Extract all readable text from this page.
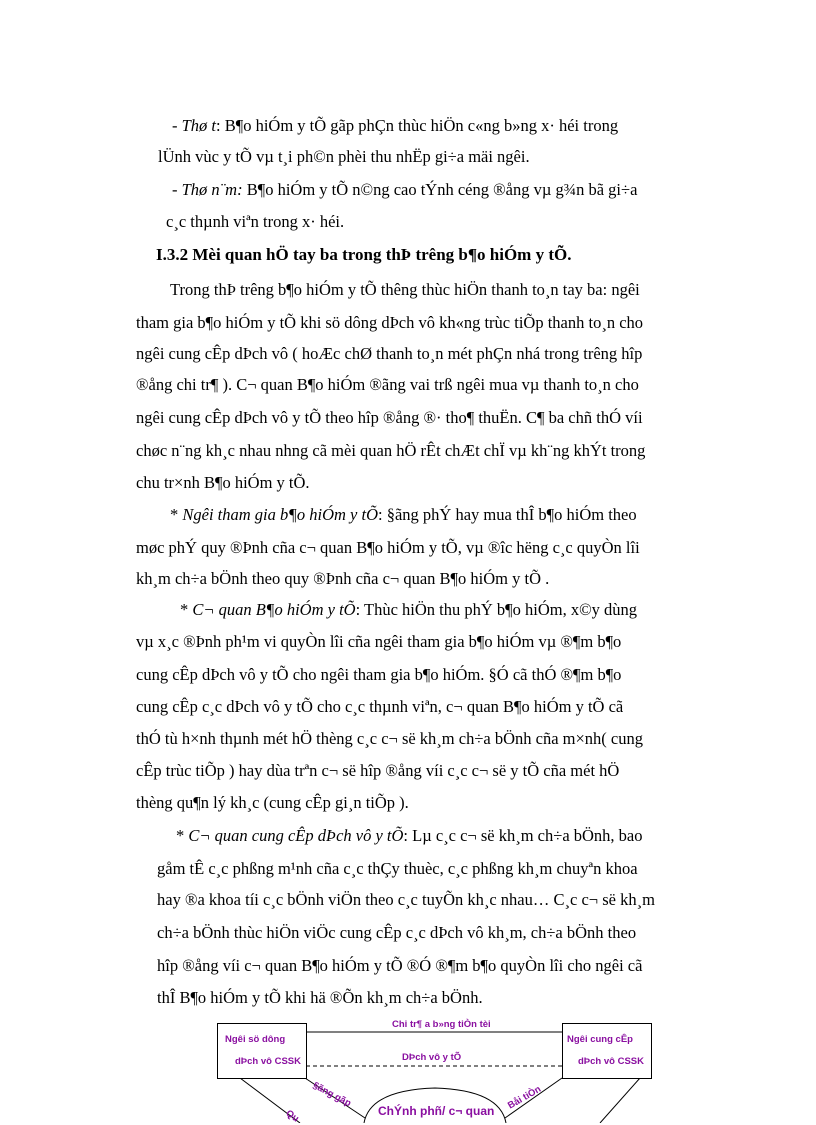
- Thø t: B¶o hiÓm y tÕ gãp phÇn thùc hiÖn c«ng b»ng x· héi trong
lÜnh vùc y tÕ vµ t¸i ph©n phèi thu nhËp gi÷a mäi ngêi.
- Thø n¨m: B¶o hiÓm y tÕ n©ng cao tÝnh céng ®ång vµ g¾n bã gi÷a
c¸c thµnh viªn trong x· héi.
I.3.2 Mèi quan hÖ tay ba trong thÞ trêng b¶o hiÓm y tÕ.
Trong thÞ trêng b¶o hiÓm y tÕ thêng thùc hiÖn thanh to¸n tay ba: ngêi
tham gia b¶o hiÓm y tÕ khi sö dông dÞch vô kh«ng trùc tiÕp thanh to¸n cho
ngêi cung cÊp dÞch vô ( hoÆc chØ thanh to¸n mét phÇn nhá trong trêng hîp
®ång chi tr¶ ). C¬ quan B¶o hiÓm ®ãng vai trß ngêi mua vµ thanh to¸n cho
ngêi cung cÊp dÞch vô y tÕ theo hîp ®ång ®· tho¶ thuËn. C¶ ba chñ thÓ víi
chøc n¨ng kh¸c nhau nhng cã mèi quan hÖ rÊt chÆt chÏ vµ kh¨ng khÝt trong
chu tr×nh B¶o hiÓm y tÕ.
* Ngêi tham gia b¶o hiÓm y tÕ: §ãng phÝ hay mua thÎ b¶o hiÓm theo
møc phÝ quy ®Þnh cña c¬ quan B¶o hiÓm y tÕ, vµ ®îc hëng c¸c quyÒn lîi
kh¸m ch÷a bÖnh theo quy ®Þnh cña c¬ quan B¶o hiÓm y tÕ .
* C¬ quan B¶o hiÓm y tÕ: Thùc hiÖn thu phÝ b¶o hiÓm, x©y dùng
vµ x¸c ®Þnh ph¹m vi quyÒn lîi cña ngêi tham gia b¶o hiÓm vµ ®¶m b¶o
cung cÊp dÞch vô y tÕ cho ngêi tham gia b¶o hiÓm. §Ó cã thÓ ®¶m b¶o
cung cÊp c¸c dÞch vô y tÕ cho c¸c thµnh viªn, c¬ quan B¶o hiÓm y tÕ cã
thÓ tù h×nh thµnh mét hÖ thèng c¸c c¬ së kh¸m ch÷a bÖnh cña m×nh( cung
cÊp trùc tiÕp ) hay dùa trªn c¬ së hîp ®ång víi c¸c c¬ së y tÕ cña mét hÖ
thèng qu¶n lý kh¸c (cung cÊp gi¸n tiÕp ).
* C¬ quan cung cÊp dÞch vô y tÕ: Lµ c¸c c¬ së kh¸m ch÷a bÖnh, bao
gåm tÊ c¸c phßng m¹nh cña c¸c thÇy thuèc, c¸c phßng kh¸m chuyªn khoa
hay ®a khoa tíi c¸c bÖnh viÖn theo c¸c tuyÕn kh¸c nhau… C¸c c¬ së kh¸m
ch÷a bÖnh thùc hiÖn viÖc cung cÊp c¸c dÞch vô kh¸m, ch÷a bÖnh theo
hîp ®ång víi c¬ quan B¶o hiÓm y tÕ ®Ó ®¶m b¶o quyÒn lîi cho ngêi cã
thÎ B¶o hiÓm y tÕ khi hä ®Õn kh¸m ch÷a bÖnh.
Ngêi sö dông
dÞch vô CSSK
Ngêi cung cÊp
dÞch vô CSSK
Chi tr¶ a b»ng tiÒn tèi
DÞch vô y tÕ
§ãng gãp	Båi tiÒn
Qu	ChÝnh phñ/ c¬ quan
